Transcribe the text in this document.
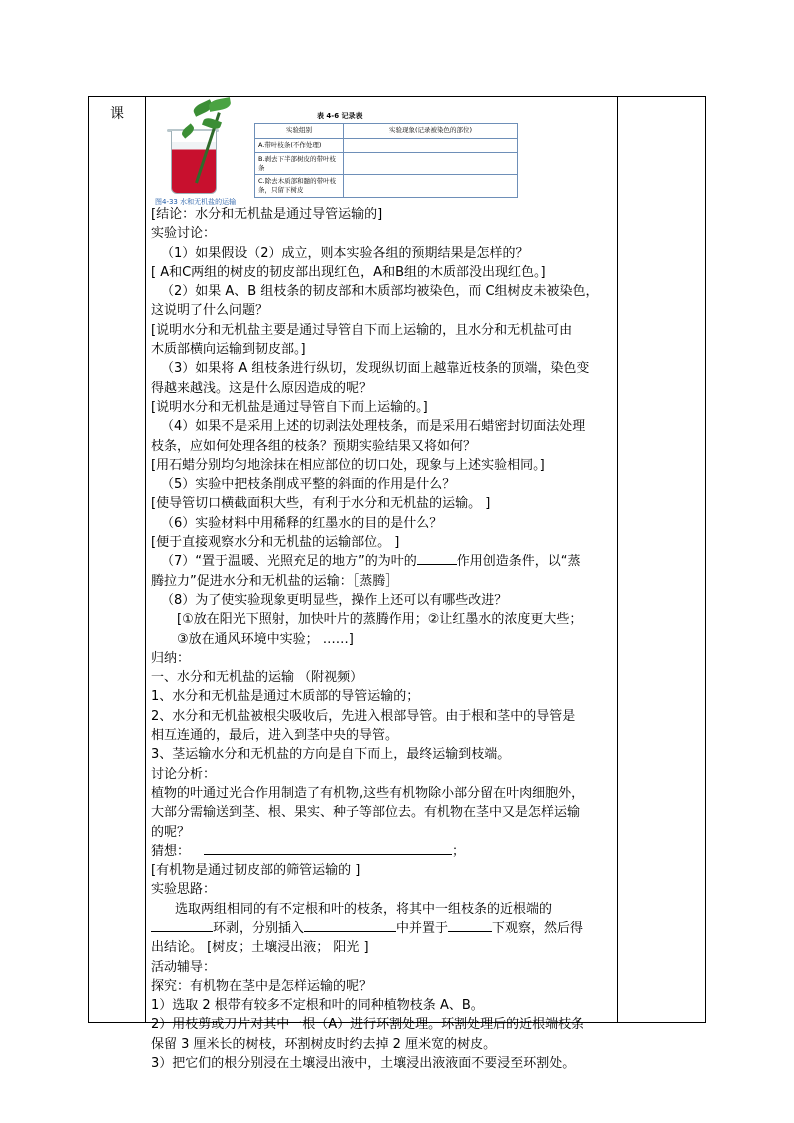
课
图4-33 水和无机盐的运输
表 4-6 记录表
实验组别	实验现象(记录被染色的部位)
A.带叶枝条(不作处理)	
B.剥去下半部树皮的带叶枝条	
C.除去木质部和髓的带叶枝条，只留下树皮	

[结论：水分和无机盐是通过导管运输的]

实验讨论：

（1）如果假设（2）成立，则本实验各组的预期结果是怎样的？

[ A和C两组的树皮的韧皮部出现红色，A和B组的木质部没出现红色。]

（2）如果 A、B 组枝条的韧皮部和木质部均被染色，而 C组树皮未被染色，

这说明了什么问题？

[说明水分和无机盐主要是通过导管自下而上运输的，且水分和无机盐可由

木质部横向运输到韧皮部。]

（3）如果将 A 组枝条进行纵切，发现纵切面上越靠近枝条的顶端，染色变

得越来越浅。这是什么原因造成的呢？

[说明水分和无机盐是通过导管自下而上运输的。]

（4）如果不是采用上述的切剥法处理枝条，而是采用石蜡密封切面法处理

枝条，应如何处理各组的枝条？预期实验结果又将如何？

[用石蜡分别均匀地涂抹在相应部位的切口处，现象与上述实验相同。]

（5）实验中把枝条削成平整的斜面的作用是什么？

[使导管切口横截面积大些，有利于水分和无机盐的运输。 ]

（6）实验材料中用稀释的红墨水的目的是什么？

[便于直接观察水分和无机盐的运输部位。 ]

（7）“置于温暖、光照充足的地方”的为叶的	作用创造条件，以“蒸

腾拉力”促进水分和无机盐的运输：［蒸腾］

（8）为了使实验现象更明显些，操作上还可以有哪些改进？

[①放在阳光下照射，加快叶片的蒸腾作用；②让红墨水的浓度更大些；

③放在通风环境中实验； ……]

归纳：

一、水分和无机盐的运输 （附视频）

1、水分和无机盐是通过木质部的导管运输的；

2、水分和无机盐被根尖吸收后，先进入根部导管。由于根和茎中的导管是

相互连通的，最后，进入到茎中央的导管。

3、茎运输水分和无机盐的方向是自下而上，最终运输到枝端。

讨论分析：

植物的叶通过光合作用制造了有机物,这些有机物除小部分留在叶肉细胞外，

大部分需输送到茎、根、果实、种子等部位去。有机物在茎中又是怎样运输

的呢？

猜想：	；

[有机物是通过韧皮部的筛管运输的 ]

实验思路：

选取两组相同的有不定根和叶的枝条，将其中一组枝条的近根端的

环剥，分别插入	中并置于	下观察，然后得

出结论。 [树皮；土壤浸出液； 阳光 ]

活动辅导：

探究：有机物在茎中是怎样运输的呢？

1）选取 2 根带有较多不定根和叶的同种植物枝条 A、B。

2）用枝剪或刀片对其中一根（A）进行环割处理。环割处理后的近根端枝条

保留 3 厘米长的树枝，环割树皮时约去掉 2 厘米宽的树皮。

3）把它们的根分别浸在土壤浸出液中，土壤浸出液液面不要浸至环割处。
